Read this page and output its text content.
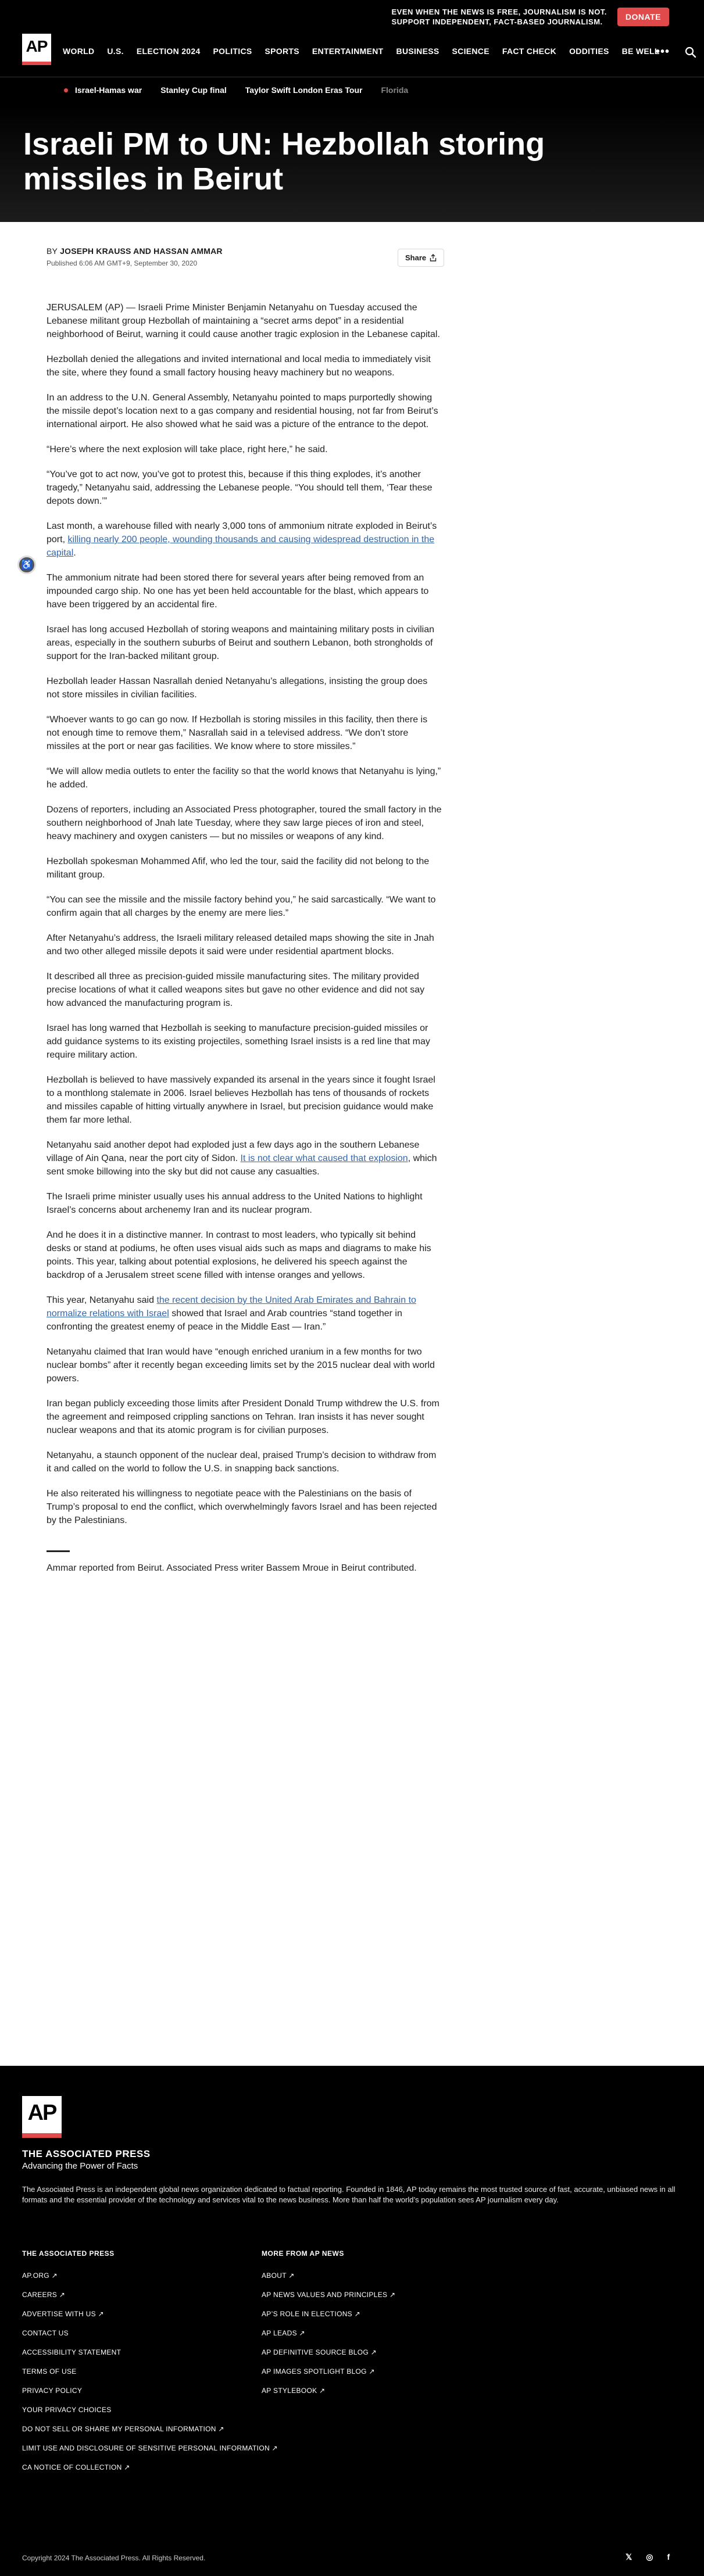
EVEN WHEN THE NEWS IS FREE, JOURNALISM IS NOT.
SUPPORT INDEPENDENT, FACT-BASED JOURNALISM.
DONATE
AP WORLD U.S. ELECTION 2024 POLITICS SPORTS ENTERTAINMENT BUSINESS SCIENCE FACT CHECK ODDITIES BE WELL
•••
Israel-Hamas war Stanley Cup final Taylor Swift London Eras Tour Florida
Israeli PM to UN: Hezbollah storing missiles in Beirut
BY JOSEPH KRAUSS AND HASSAN AMMAR
Published 6:06 AM GMT+9, September 30, 2020
Share
♿

JERUSALEM (AP) — Israeli Prime Minister Benjamin Netanyahu on Tuesday accused the Lebanese militant group Hezbollah of maintaining a “secret arms depot” in a residential neighborhood of Beirut, warning it could cause another tragic explosion in the Lebanese capital.

Hezbollah denied the allegations and invited international and local media to immediately visit the site, where they found a small factory housing heavy machinery but no weapons.

In an address to the U.N. General Assembly, Netanyahu pointed to maps purportedly showing the missile depot’s location next to a gas company and residential housing, not far from Beirut’s international airport. He also showed what he said was a picture of the entrance to the depot.

“Here’s where the next explosion will take place, right here,” he said.

“You’ve got to act now, you’ve got to protest this, because if this thing explodes, it’s another tragedy,” Netanyahu said, addressing the Lebanese people. “You should tell them, ‘Tear these depots down.’”

Last month, a warehouse filled with nearly 3,000 tons of ammonium nitrate exploded in Beirut’s port, killing nearly 200 people, wounding thousands and causing widespread destruction in the capital.

The ammonium nitrate had been stored there for several years after being removed from an impounded cargo ship. No one has yet been held accountable for the blast, which appears to have been triggered by an accidental fire.

Israel has long accused Hezbollah of storing weapons and maintaining military posts in civilian areas, especially in the southern suburbs of Beirut and southern Lebanon, both strongholds of support for the Iran-backed militant group.

Hezbollah leader Hassan Nasrallah denied Netanyahu’s allegations, insisting the group does not store missiles in civilian facilities.

“Whoever wants to go can go now. If Hezbollah is storing missiles in this facility, then there is not enough time to remove them,” Nasrallah said in a televised address. “We don’t store missiles at the port or near gas facilities. We know where to store missiles.”

“We will allow media outlets to enter the facility so that the world knows that Netanyahu is lying,” he added.

Dozens of reporters, including an Associated Press photographer, toured the small factory in the southern neighborhood of Jnah late Tuesday, where they saw large pieces of iron and steel, heavy machinery and oxygen canisters — but no missiles or weapons of any kind.

Hezbollah spokesman Mohammed Afif, who led the tour, said the facility did not belong to the militant group.

“You can see the missile and the missile factory behind you,” he said sarcastically. “We want to confirm again that all charges by the enemy are mere lies.”

After Netanyahu’s address, the Israeli military released detailed maps showing the site in Jnah and two other alleged missile depots it said were under residential apartment blocks.

It described all three as precision-guided missile manufacturing sites. The military provided precise locations of what it called weapons sites but gave no other evidence and did not say how advanced the manufacturing program is.

Israel has long warned that Hezbollah is seeking to manufacture precision-guided missiles or add guidance systems to its existing projectiles, something Israel insists is a red line that may require military action.

Hezbollah is believed to have massively expanded its arsenal in the years since it fought Israel to a monthlong stalemate in 2006. Israel believes Hezbollah has tens of thousands of rockets and missiles capable of hitting virtually anywhere in Israel, but precision guidance would make them far more lethal.

Netanyahu said another depot had exploded just a few days ago in the southern Lebanese village of Ain Qana, near the port city of Sidon. It is not clear what caused that explosion, which sent smoke billowing into the sky but did not cause any casualties.

The Israeli prime minister usually uses his annual address to the United Nations to highlight Israel’s concerns about archenemy Iran and its nuclear program.

And he does it in a distinctive manner. In contrast to most leaders, who typically sit behind desks or stand at podiums, he often uses visual aids such as maps and diagrams to make his points. This year, talking about potential explosions, he delivered his speech against the backdrop of a Jerusalem street scene filled with intense oranges and yellows.

This year, Netanyahu said the recent decision by the United Arab Emirates and Bahrain to normalize relations with Israel showed that Israel and Arab countries “stand together in confronting the greatest enemy of peace in the Middle East — Iran.”

Netanyahu claimed that Iran would have “enough enriched uranium in a few months for two nuclear bombs” after it recently began exceeding limits set by the 2015 nuclear deal with world powers.

Iran began publicly exceeding those limits after President Donald Trump withdrew the U.S. from the agreement and reimposed crippling sanctions on Tehran. Iran insists it has never sought nuclear weapons and that its atomic program is for civilian purposes.

Netanyahu, a staunch opponent of the nuclear deal, praised Trump’s decision to withdraw from it and called on the world to follow the U.S. in snapping back sanctions.

He also reiterated his willingness to negotiate peace with the Palestinians on the basis of Trump’s proposal to end the conflict, which overwhelmingly favors Israel and has been rejected by the Palestinians.

Ammar reported from Beirut. Associated Press writer Bassem Mroue in Beirut contributed.
AP
THE ASSOCIATED PRESS
Advancing the Power of Facts
The Associated Press is an independent global news organization dedicated to factual reporting. Founded in 1846, AP today remains the most trusted source of fast, accurate, unbiased news in all formats and the essential provider of the technology and services vital to the news business. More than half the world’s population sees AP journalism every day.
THE ASSOCIATED PRESS
AP.ORG ↗
CAREERS ↗
ADVERTISE WITH US ↗
CONTACT US
ACCESSIBILITY STATEMENT
TERMS OF USE
PRIVACY POLICY
YOUR PRIVACY CHOICES
DO NOT SELL OR SHARE MY PERSONAL INFORMATION ↗
LIMIT USE AND DISCLOSURE OF SENSITIVE PERSONAL INFORMATION ↗
CA NOTICE OF COLLECTION ↗
MORE FROM AP NEWS
ABOUT ↗
AP NEWS VALUES AND PRINCIPLES ↗
AP’S ROLE IN ELECTIONS ↗
AP LEADS ↗
AP DEFINITIVE SOURCE BLOG ↗
AP IMAGES SPOTLIGHT BLOG ↗
AP STYLEBOOK ↗
Copyright 2024 The Associated Press. All Rights Reserved.	𝕏 ◎ f
